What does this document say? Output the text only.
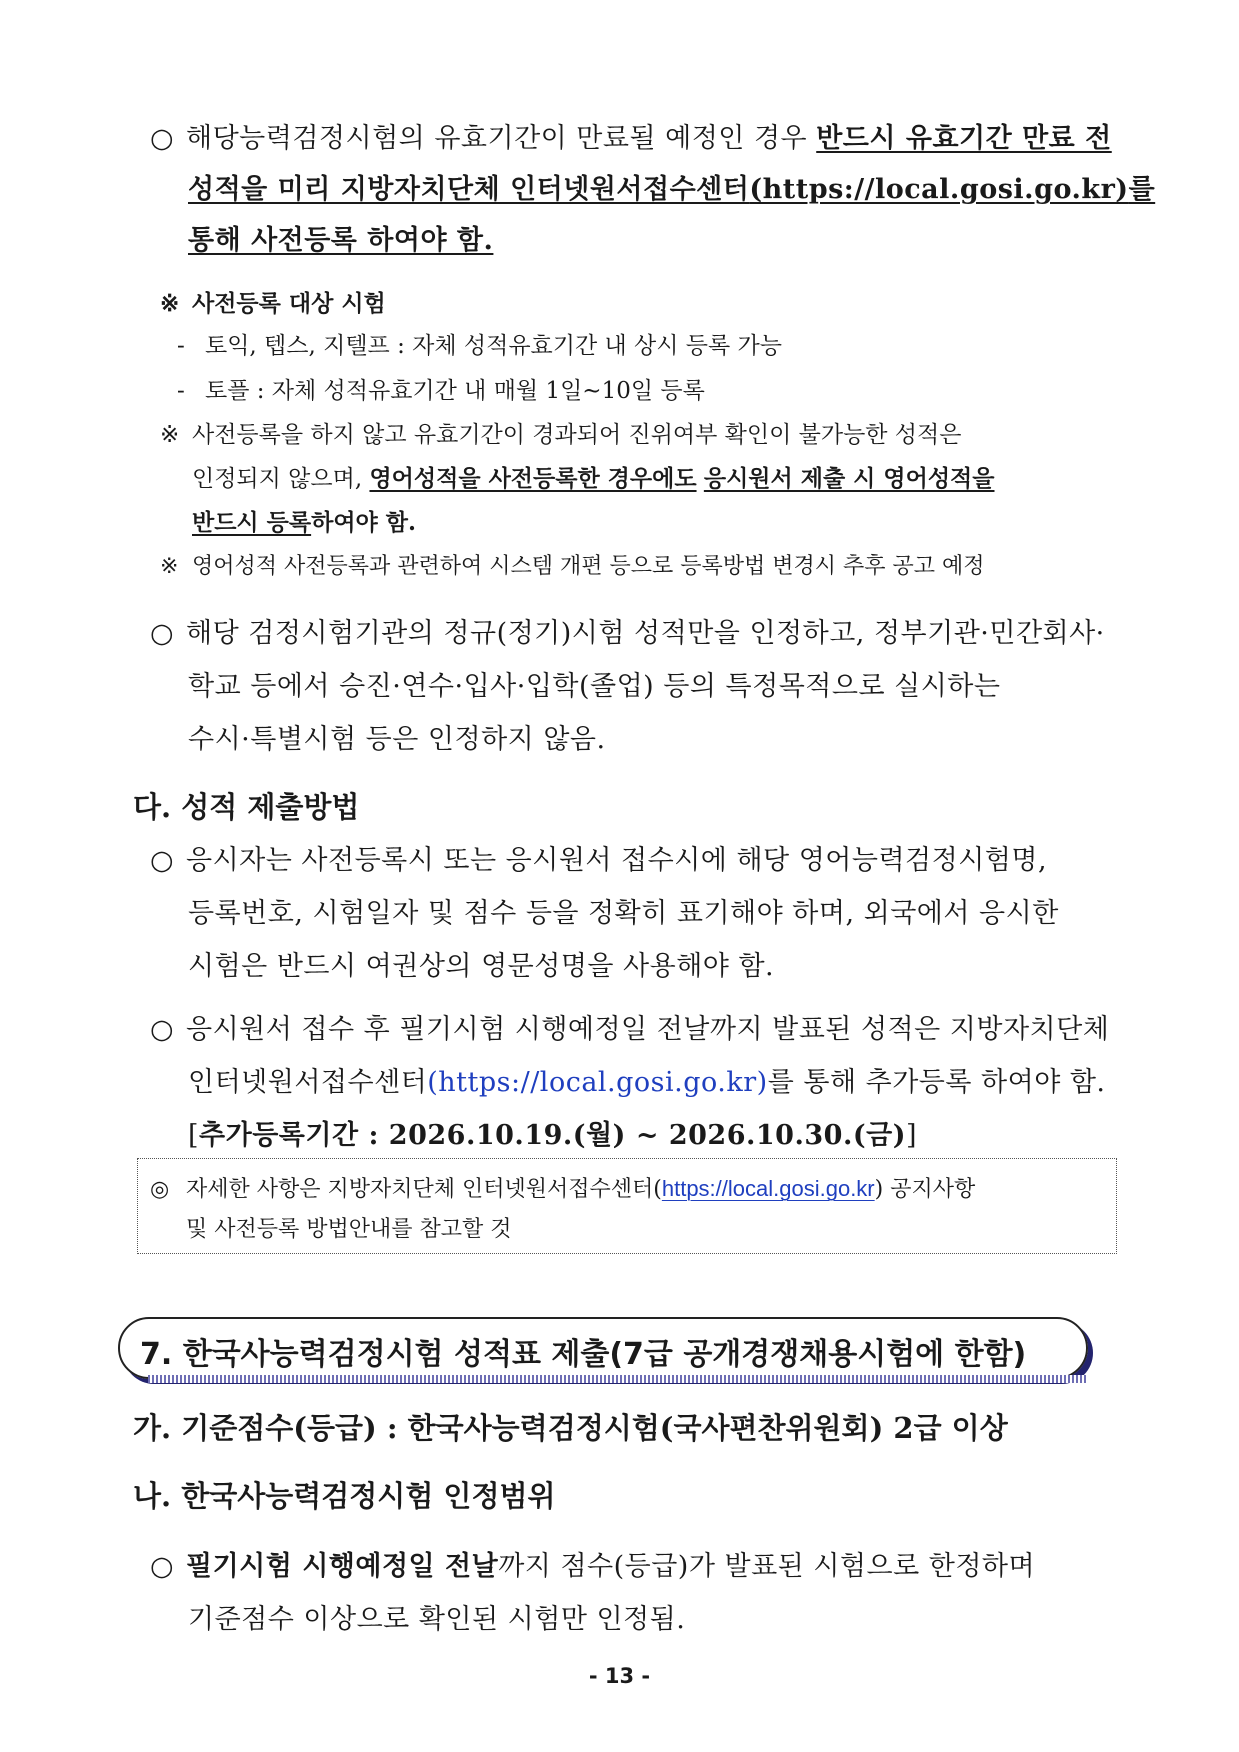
○ 해당능력검정시험의 유효기간이 만료될 예정인 경우 반드시 유효기간 만료 전
성적을 미리 지방자치단체 인터넷원서접수센터(https://local.gosi.go.kr)를
통해 사전등록 하여야 함.
※ 사전등록 대상 시험
- 토익, 텝스, 지텔프 : 자체 성적유효기간 내 상시 등록 가능
- 토플 : 자체 성적유효기간 내 매월 1일∼10일 등록
※ 사전등록을 하지 않고 유효기간이 경과되어 진위여부 확인이 불가능한 성적은
인정되지 않으며, 영어성적을 사전등록한 경우에도 응시원서 제출 시 영어성적을
반드시 등록하여야 함.
※ 영어성적 사전등록과 관련하여 시스템 개편 등으로 등록방법 변경시 추후 공고 예정
○ 해당 검정시험기관의 정규(정기)시험 성적만을 인정하고, 정부기관·민간회사·
학교 등에서 승진·연수·입사·입학(졸업) 등의 특정목적으로 실시하는
수시·특별시험 등은 인정하지 않음.
다. 성적 제출방법
○ 응시자는 사전등록시 또는 응시원서 접수시에 해당 영어능력검정시험명,
등록번호, 시험일자 및 점수 등을 정확히 표기해야 하며, 외국에서 응시한
시험은 반드시 여권상의 영문성명을 사용해야 함.
○ 응시원서 접수 후 필기시험 시행예정일 전날까지 발표된 성적은 지방자치단체
인터넷원서접수센터(https://local.gosi.go.kr)를 통해 추가등록 하여야 함.
[추가등록기간 : 2026.10.19.(월) ~ 2026.10.30.(금)]
◎ 자세한 사항은 지방자치단체 인터넷원서접수센터(https://local.gosi.go.kr) 공지사항
및 사전등록 방법안내를 참고할 것
7. 한국사능력검정시험 성적표 제출(7급 공개경쟁채용시험에 한함)
가. 기준점수(등급) : 한국사능력검정시험(국사편찬위원회) 2급 이상
나. 한국사능력검정시험 인정범위
○ 필기시험 시행예정일 전날까지 점수(등급)가 발표된 시험으로 한정하며
기준점수 이상으로 확인된 시험만 인정됨.
- 13 -
